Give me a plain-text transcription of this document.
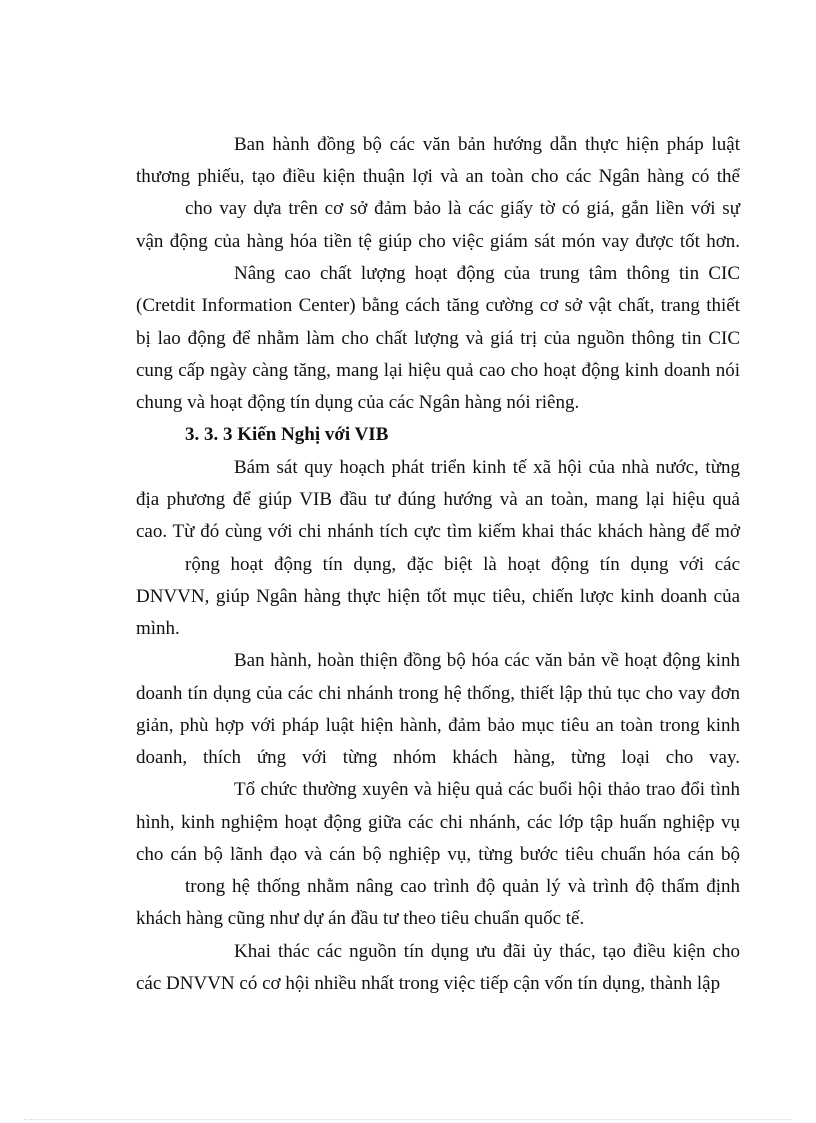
Ban hành đồng bộ các văn bản hướng dẫn thực hiện pháp luật
thương phiếu, tạo điều kiện thuận lợi và an toàn cho các Ngân hàng có thể
cho vay dựa trên cơ sở đảm bảo là các giấy tờ có giá, gắn liền với sự
vận động của hàng hóa tiền tệ giúp cho việc giám sát món vay được tốt hơn.
Nâng cao chất lượng hoạt động của trung tâm thông tin CIC
(Cretdit Information Center) bằng cách tăng cường cơ sở vật chất, trang thiết
bị lao động để nhằm làm cho chất lượng và giá trị của nguồn thông tin CIC
cung cấp ngày càng tăng, mang lại hiệu quả cao cho hoạt động kinh doanh nói
chung và hoạt động tín dụng của các Ngân hàng nói riêng.
3. 3. 3 Kiến Nghị với VIB
Bám sát quy hoạch phát triển kinh tế xã hội của nhà nước, từng
địa phương để giúp VIB đầu tư đúng hướng và an toàn, mang lại hiệu quả
cao. Từ đó cùng với chi nhánh tích cực tìm kiếm khai thác khách hàng để mở
rộng hoạt động tín dụng, đặc biệt là hoạt động tín dụng với các
DNVVN, giúp Ngân hàng thực hiện tốt mục tiêu, chiến lược kinh doanh của
mình.
Ban hành, hoàn thiện đồng bộ hóa các văn bản về hoạt động kinh
doanh tín dụng của các chi nhánh trong hệ thống, thiết lập thủ tục cho vay đơn
giản, phù hợp với pháp luật hiện hành, đảm bảo mục tiêu an toàn trong kinh
doanh, thích ứng với từng nhóm khách hàng, từng loại cho vay.
Tổ chức thường xuyên và hiệu quả các buổi hội thảo trao đổi tình
hình, kinh nghiệm hoạt động giữa các chi nhánh, các lớp tập huấn nghiệp vụ
cho cán bộ lãnh đạo và cán bộ nghiệp vụ, từng bước tiêu chuẩn hóa cán bộ
trong hệ thống nhằm nâng cao trình độ quản lý và trình độ thẩm định
khách hàng cũng như dự án đầu tư theo tiêu chuẩn quốc tế.
Khai thác các nguồn tín dụng ưu đãi ủy thác, tạo điều kiện cho
các DNVVN có cơ hội nhiều nhất trong việc tiếp cận vốn tín dụng, thành lập
